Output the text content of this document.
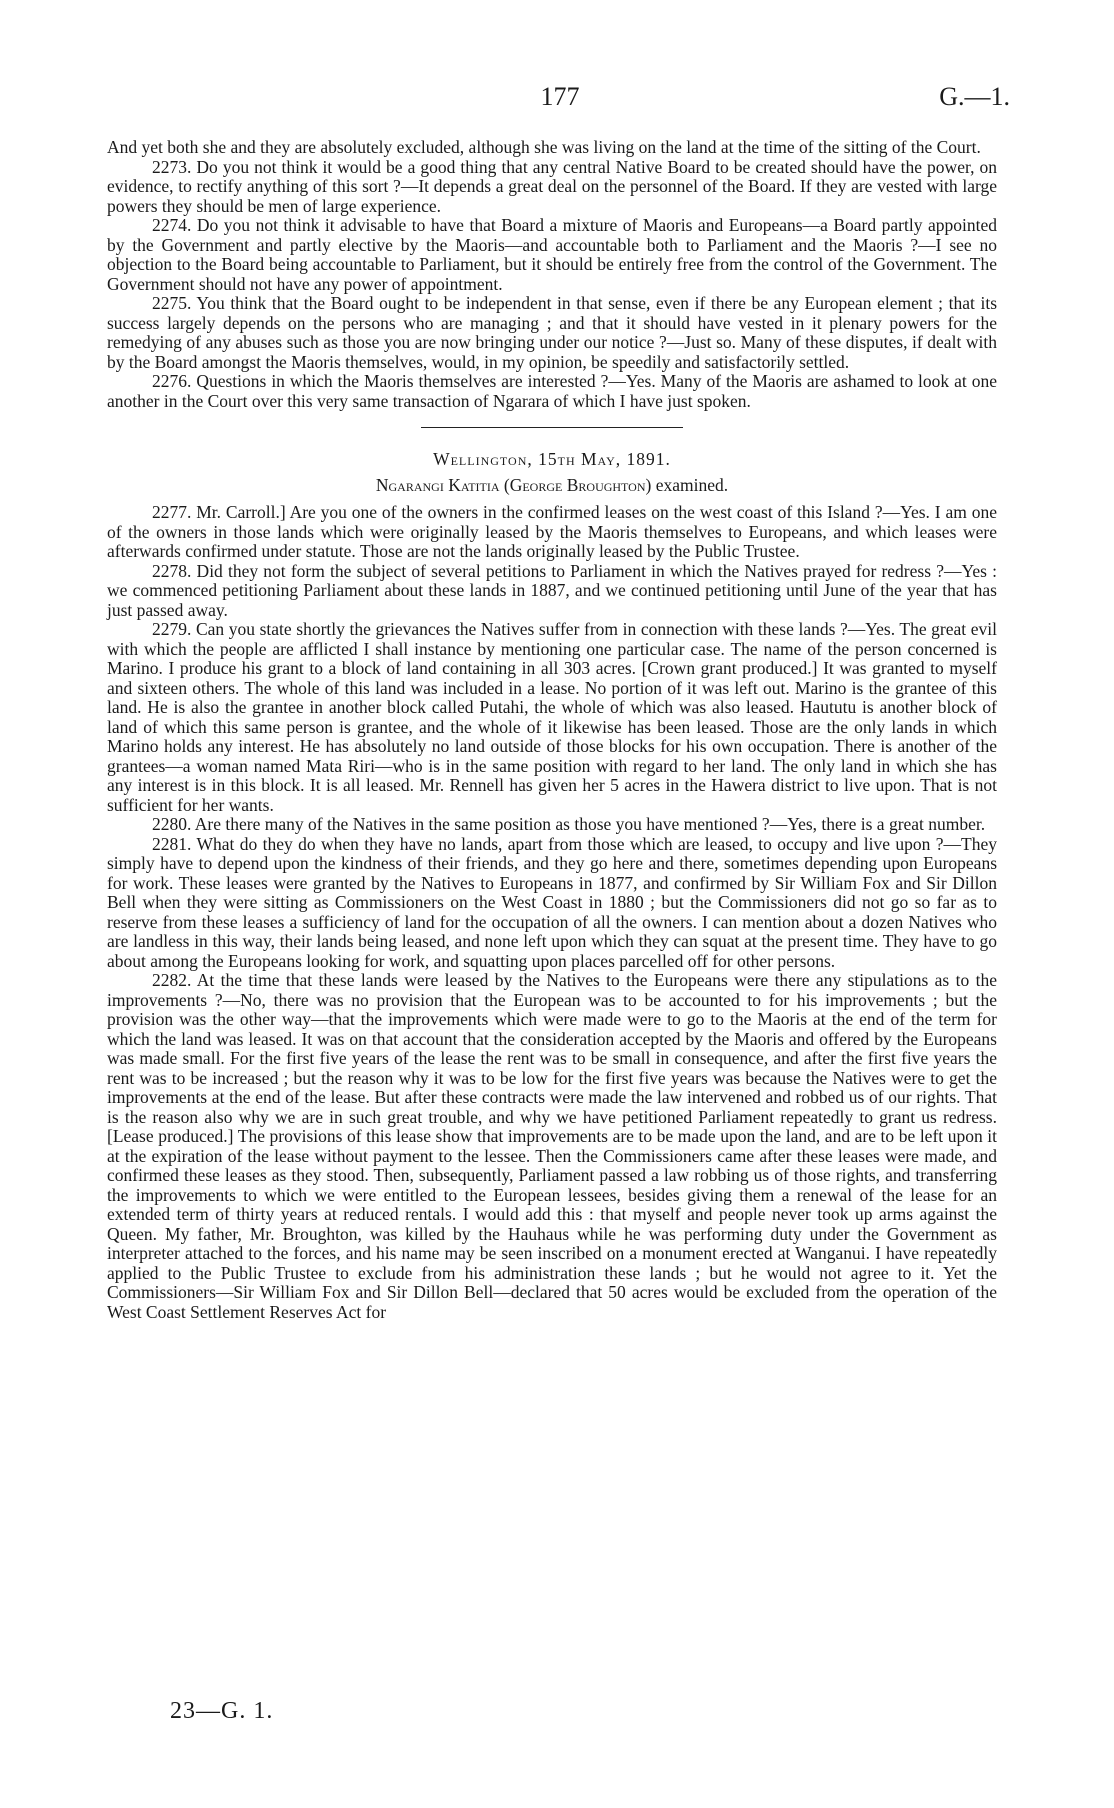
177	G.—1.

And yet both she and they are absolutely excluded, although she was living on the land at the time of the sitting of the Court.

2273. Do you not think it would be a good thing that any central Native Board to be created should have the power, on evidence, to rectify anything of this sort ?—It depends a great deal on the personnel of the Board. If they are vested with large powers they should be men of large experience.

2274. Do you not think it advisable to have that Board a mixture of Maoris and Europeans—a Board partly appointed by the Government and partly elective by the Maoris—and accountable both to Parliament and the Maoris ?—I see no objection to the Board being accountable to Parliament, but it should be entirely free from the control of the Government. The Government should not have any power of appointment.

2275. You think that the Board ought to be independent in that sense, even if there be any European element ; that its success largely depends on the persons who are managing ; and that it should have vested in it plenary powers for the remedying of any abuses such as those you are now bringing under our notice ?—Just so. Many of these disputes, if dealt with by the Board amongst the Maoris themselves, would, in my opinion, be speedily and satisfactorily settled.

2276. Questions in which the Maoris themselves are interested ?—Yes. Many of the Maoris are ashamed to look at one another in the Court over this very same transaction of Ngarara of which I have just spoken.

Wellington, 15th May, 1891.

Ngarangi Katitia (George Broughton) examined.

2277. Mr. Carroll.] Are you one of the owners in the confirmed leases on the west coast of this Island ?—Yes. I am one of the owners in those lands which were originally leased by the Maoris themselves to Europeans, and which leases were afterwards confirmed under statute. Those are not the lands originally leased by the Public Trustee.

2278. Did they not form the subject of several petitions to Parliament in which the Natives prayed for redress ?—Yes : we commenced petitioning Parliament about these lands in 1887, and we continued petitioning until June of the year that has just passed away.

2279. Can you state shortly the grievances the Natives suffer from in connection with these lands ?—Yes. The great evil with which the people are afflicted I shall instance by mentioning one particular case. The name of the person concerned is Marino. I produce his grant to a block of land containing in all 303 acres. [Crown grant produced.] It was granted to myself and sixteen others. The whole of this land was included in a lease. No portion of it was left out. Marino is the grantee of this land. He is also the grantee in another block called Putahi, the whole of which was also leased. Haututu is another block of land of which this same person is grantee, and the whole of it likewise has been leased. Those are the only lands in which Marino holds any interest. He has absolutely no land outside of those blocks for his own occupation. There is another of the grantees—a woman named Mata Riri—who is in the same position with regard to her land. The only land in which she has any interest is in this block. It is all leased. Mr. Rennell has given her 5 acres in the Hawera district to live upon. That is not sufficient for her wants.

2280. Are there many of the Natives in the same position as those you have mentioned ?—Yes, there is a great number.

2281. What do they do when they have no lands, apart from those which are leased, to occupy and live upon ?—They simply have to depend upon the kindness of their friends, and they go here and there, sometimes depending upon Europeans for work. These leases were granted by the Natives to Europeans in 1877, and confirmed by Sir William Fox and Sir Dillon Bell when they were sitting as Commissioners on the West Coast in 1880 ; but the Commissioners did not go so far as to reserve from these leases a sufficiency of land for the occupation of all the owners. I can mention about a dozen Natives who are landless in this way, their lands being leased, and none left upon which they can squat at the present time. They have to go about among the Europeans looking for work, and squatting upon places parcelled off for other persons.

2282. At the time that these lands were leased by the Natives to the Europeans were there any stipulations as to the improvements ?—No, there was no provision that the European was to be accounted to for his improvements ; but the provision was the other way—that the improvements which were made were to go to the Maoris at the end of the term for which the land was leased. It was on that account that the consideration accepted by the Maoris and offered by the Europeans was made small. For the first five years of the lease the rent was to be small in consequence, and after the first five years the rent was to be increased ; but the reason why it was to be low for the first five years was because the Natives were to get the improvements at the end of the lease. But after these contracts were made the law intervened and robbed us of our rights. That is the reason also why we are in such great trouble, and why we have petitioned Parliament repeatedly to grant us redress. [Lease produced.] The provisions of this lease show that improvements are to be made upon the land, and are to be left upon it at the expiration of the lease without payment to the lessee. Then the Commissioners came after these leases were made, and confirmed these leases as they stood. Then, subsequently, Parliament passed a law robbing us of those rights, and transferring the improvements to which we were entitled to the European lessees, besides giving them a renewal of the lease for an extended term of thirty years at reduced rentals. I would add this : that myself and people never took up arms against the Queen. My father, Mr. Broughton, was killed by the Hauhaus while he was performing duty under the Government as interpreter attached to the forces, and his name may be seen inscribed on a monument erected at Wanganui. I have repeatedly applied to the Public Trustee to exclude from his administration these lands ; but he would not agree to it. Yet the Commissioners—Sir William Fox and Sir Dillon Bell—declared that 50 acres would be excluded from the operation of the West Coast Settlement Reserves Act for

23—G. 1.
